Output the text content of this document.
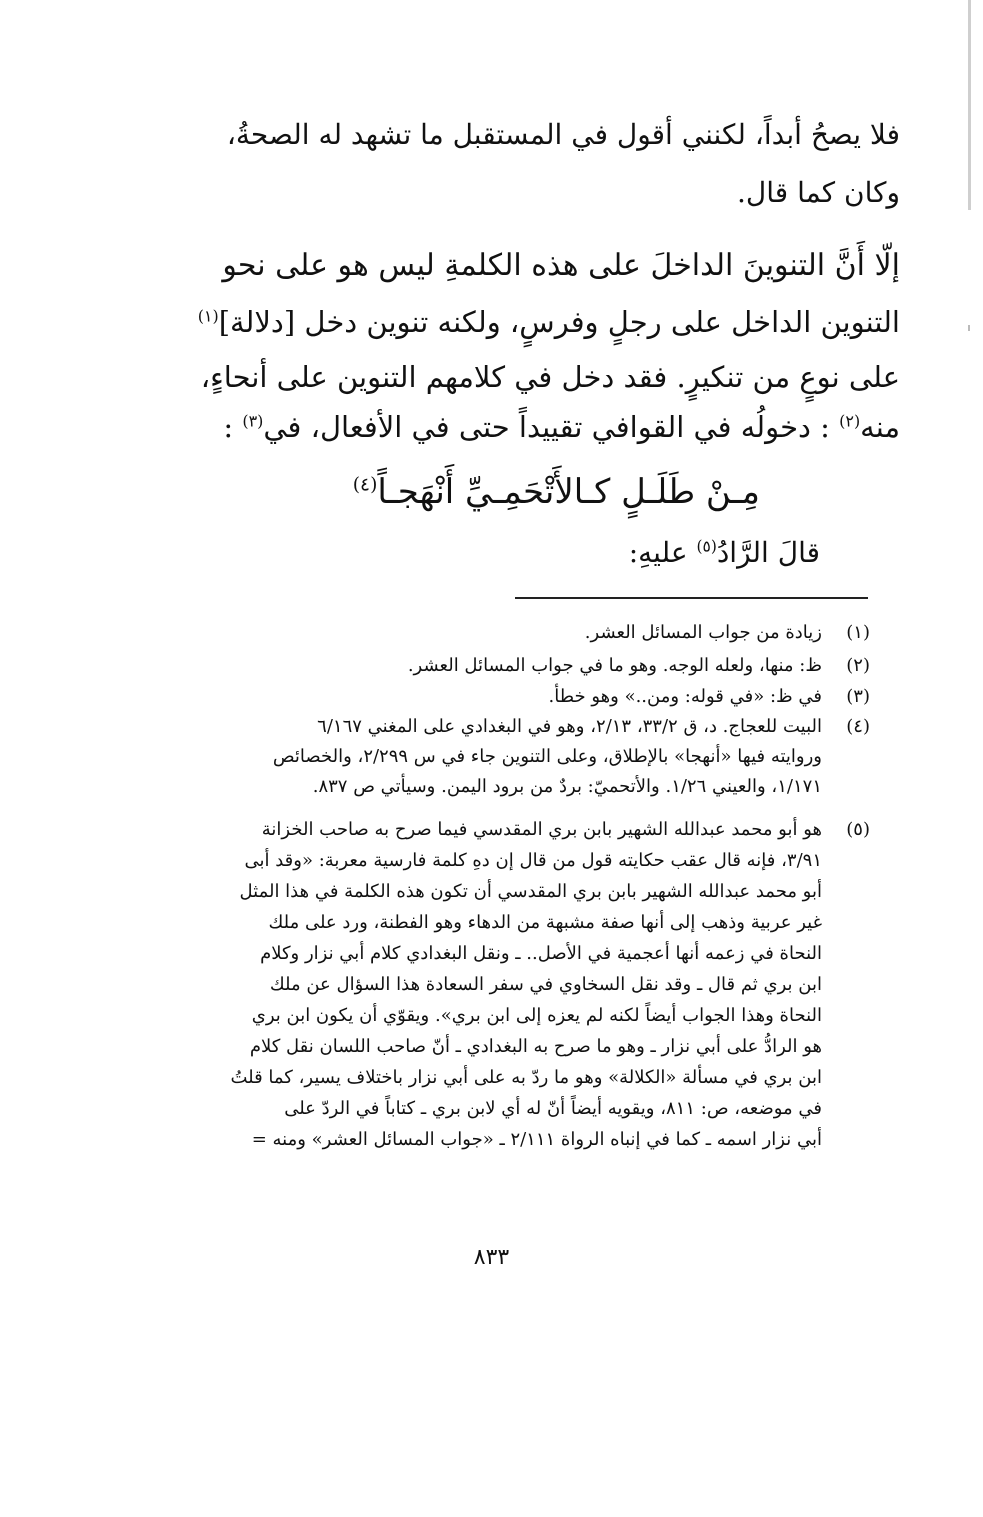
فلا يصحُ أبداً، لكنني أقول في المستقبل ما تشهد له الصحةُ،
وكان كما قال.
إلّا أَنَّ التنوينَ الداخلَ على هذه الكلمةِ ليس هو على نحو
التنوين الداخل على رجلٍ وفرسٍ، ولكنه تنوين دخل [دلالة]$^{(١)}$
على نوعٍ من تنكيرٍ. فقد دخل في كلامهم التنوين على أنحاءٍ،
منه$^{(٢)}$ : دخولُه في القوافي تقييداً حتى في الأفعال، في$^{(٣)}$ :
مِـنْ طَلَـلٍ كـالأَتْحَمِـيِّ أَنْهَجـاً$^{(٤)}$
قالَ الرَّادُ$^{(٥)}$ عليهِ:
(١)
زيادة من جواب المسائل العشر.
(٢)
ظ: منها، ولعله الوجه. وهو ما في جواب المسائل العشر.
(٣)
في ظ: «في قوله: ومن..» وهو خطأ.
(٤)
البيت للعجاج. د، ق ٣٣/٢، ٢/١٣، وهو في البغدادي على المغني ٦/١٦٧
وروايته فيها «أنهجا» بالإطلاق، وعلى التنوين جاء في س ٢/٢٩٩، والخصائص
١/١٧١، والعيني ١/٢٦. والأتحميّ: بردٌ من برود اليمن. وسيأتي ص ٨٣٧.
(٥)
هو أبو محمد عبدالله الشهير بابن بري المقدسي فيما صرح به صاحب الخزانة
٣/٩١، فإنه قال عقب حكايته قول من قال إن دهِ كلمة فارسية معربة: «وقد أبى
أبو محمد عبدالله الشهير بابن بري المقدسي أن تكون هذه الكلمة في هذا المثل
غير عربية وذهب إلى أنها صفة مشبهة من الدهاء وهو الفطنة، ورد على ملك
النحاة في زعمه أنها أعجمية في الأصل.. ـ ونقل البغدادي كلام أبي نزار وكلام
ابن بري ثم قال ـ وقد نقل السخاوي في سفر السعادة هذا السؤال عن ملك
النحاة وهذا الجواب أيضاً لكنه لم يعزه إلى ابن بري». ويقوّي أن يكون ابن بري
هو الرادُّ على أبي نزار ـ وهو ما صرح به البغدادي ـ أنّ صاحب اللسان نقل كلام
ابن بري في مسألة «الكلالة» وهو ما ردّ به على أبي نزار باختلاف يسير، كما قلتُ
في موضعه، ص: ٨١١، ويقويه أيضاً أنّ له أي لابن بري ـ كتاباً في الردّ على
أبي نزار اسمه ـ كما في إنباه الرواة ٢/١١١ ـ «جواب المسائل العشر» ومنه =
٨٣٣
